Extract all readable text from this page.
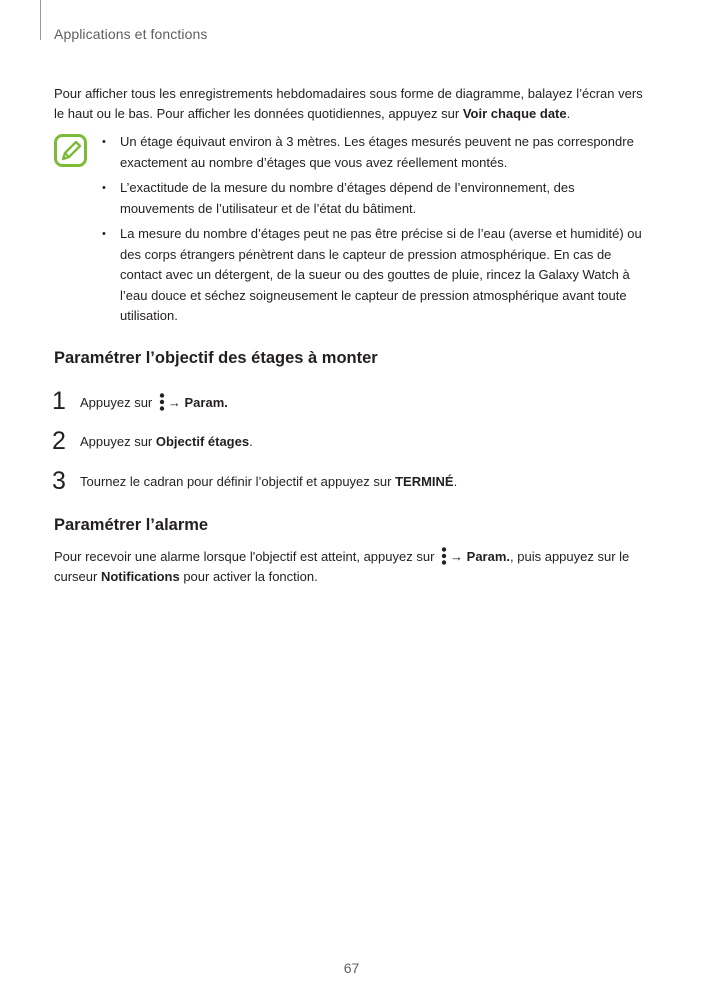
Applications et fonctions

Pour afficher tous les enregistrements hebdomadaires sous forme de diagramme, balayez l’écran vers le haut ou le bas. Pour afficher les données quotidiennes, appuyez sur Voir chaque date.

• Un étage équivaut environ à 3 mètres. Les étages mesurés peuvent ne pas correspondre exactement au nombre d’étages que vous avez réellement montés.
• L’exactitude de la mesure du nombre d’étages dépend de l’environnement, des mouvements de l’utilisateur et de l’état du bâtiment.
• La mesure du nombre d’étages peut ne pas être précise si de l’eau (averse et humidité) ou des corps étrangers pénètrent dans le capteur de pression atmosphérique. En cas de contact avec un détergent, de la sueur ou des gouttes de pluie, rincez la Galaxy Watch à l’eau douce et séchez soigneusement le capteur de pression atmosphérique avant toute utilisation.
Paramétrer l’objectif des étages à monter
1 Appuyez sur → Param.
2 Appuyez sur Objectif étages.
3 Tournez le cadran pour définir l’objectif et appuyez sur TERMINÉ.
Paramétrer l’alarme

Pour recevoir une alarme lorsque l'objectif est atteint, appuyez sur → Param., puis appuyez sur le curseur Notifications pour activer la fonction.

67
